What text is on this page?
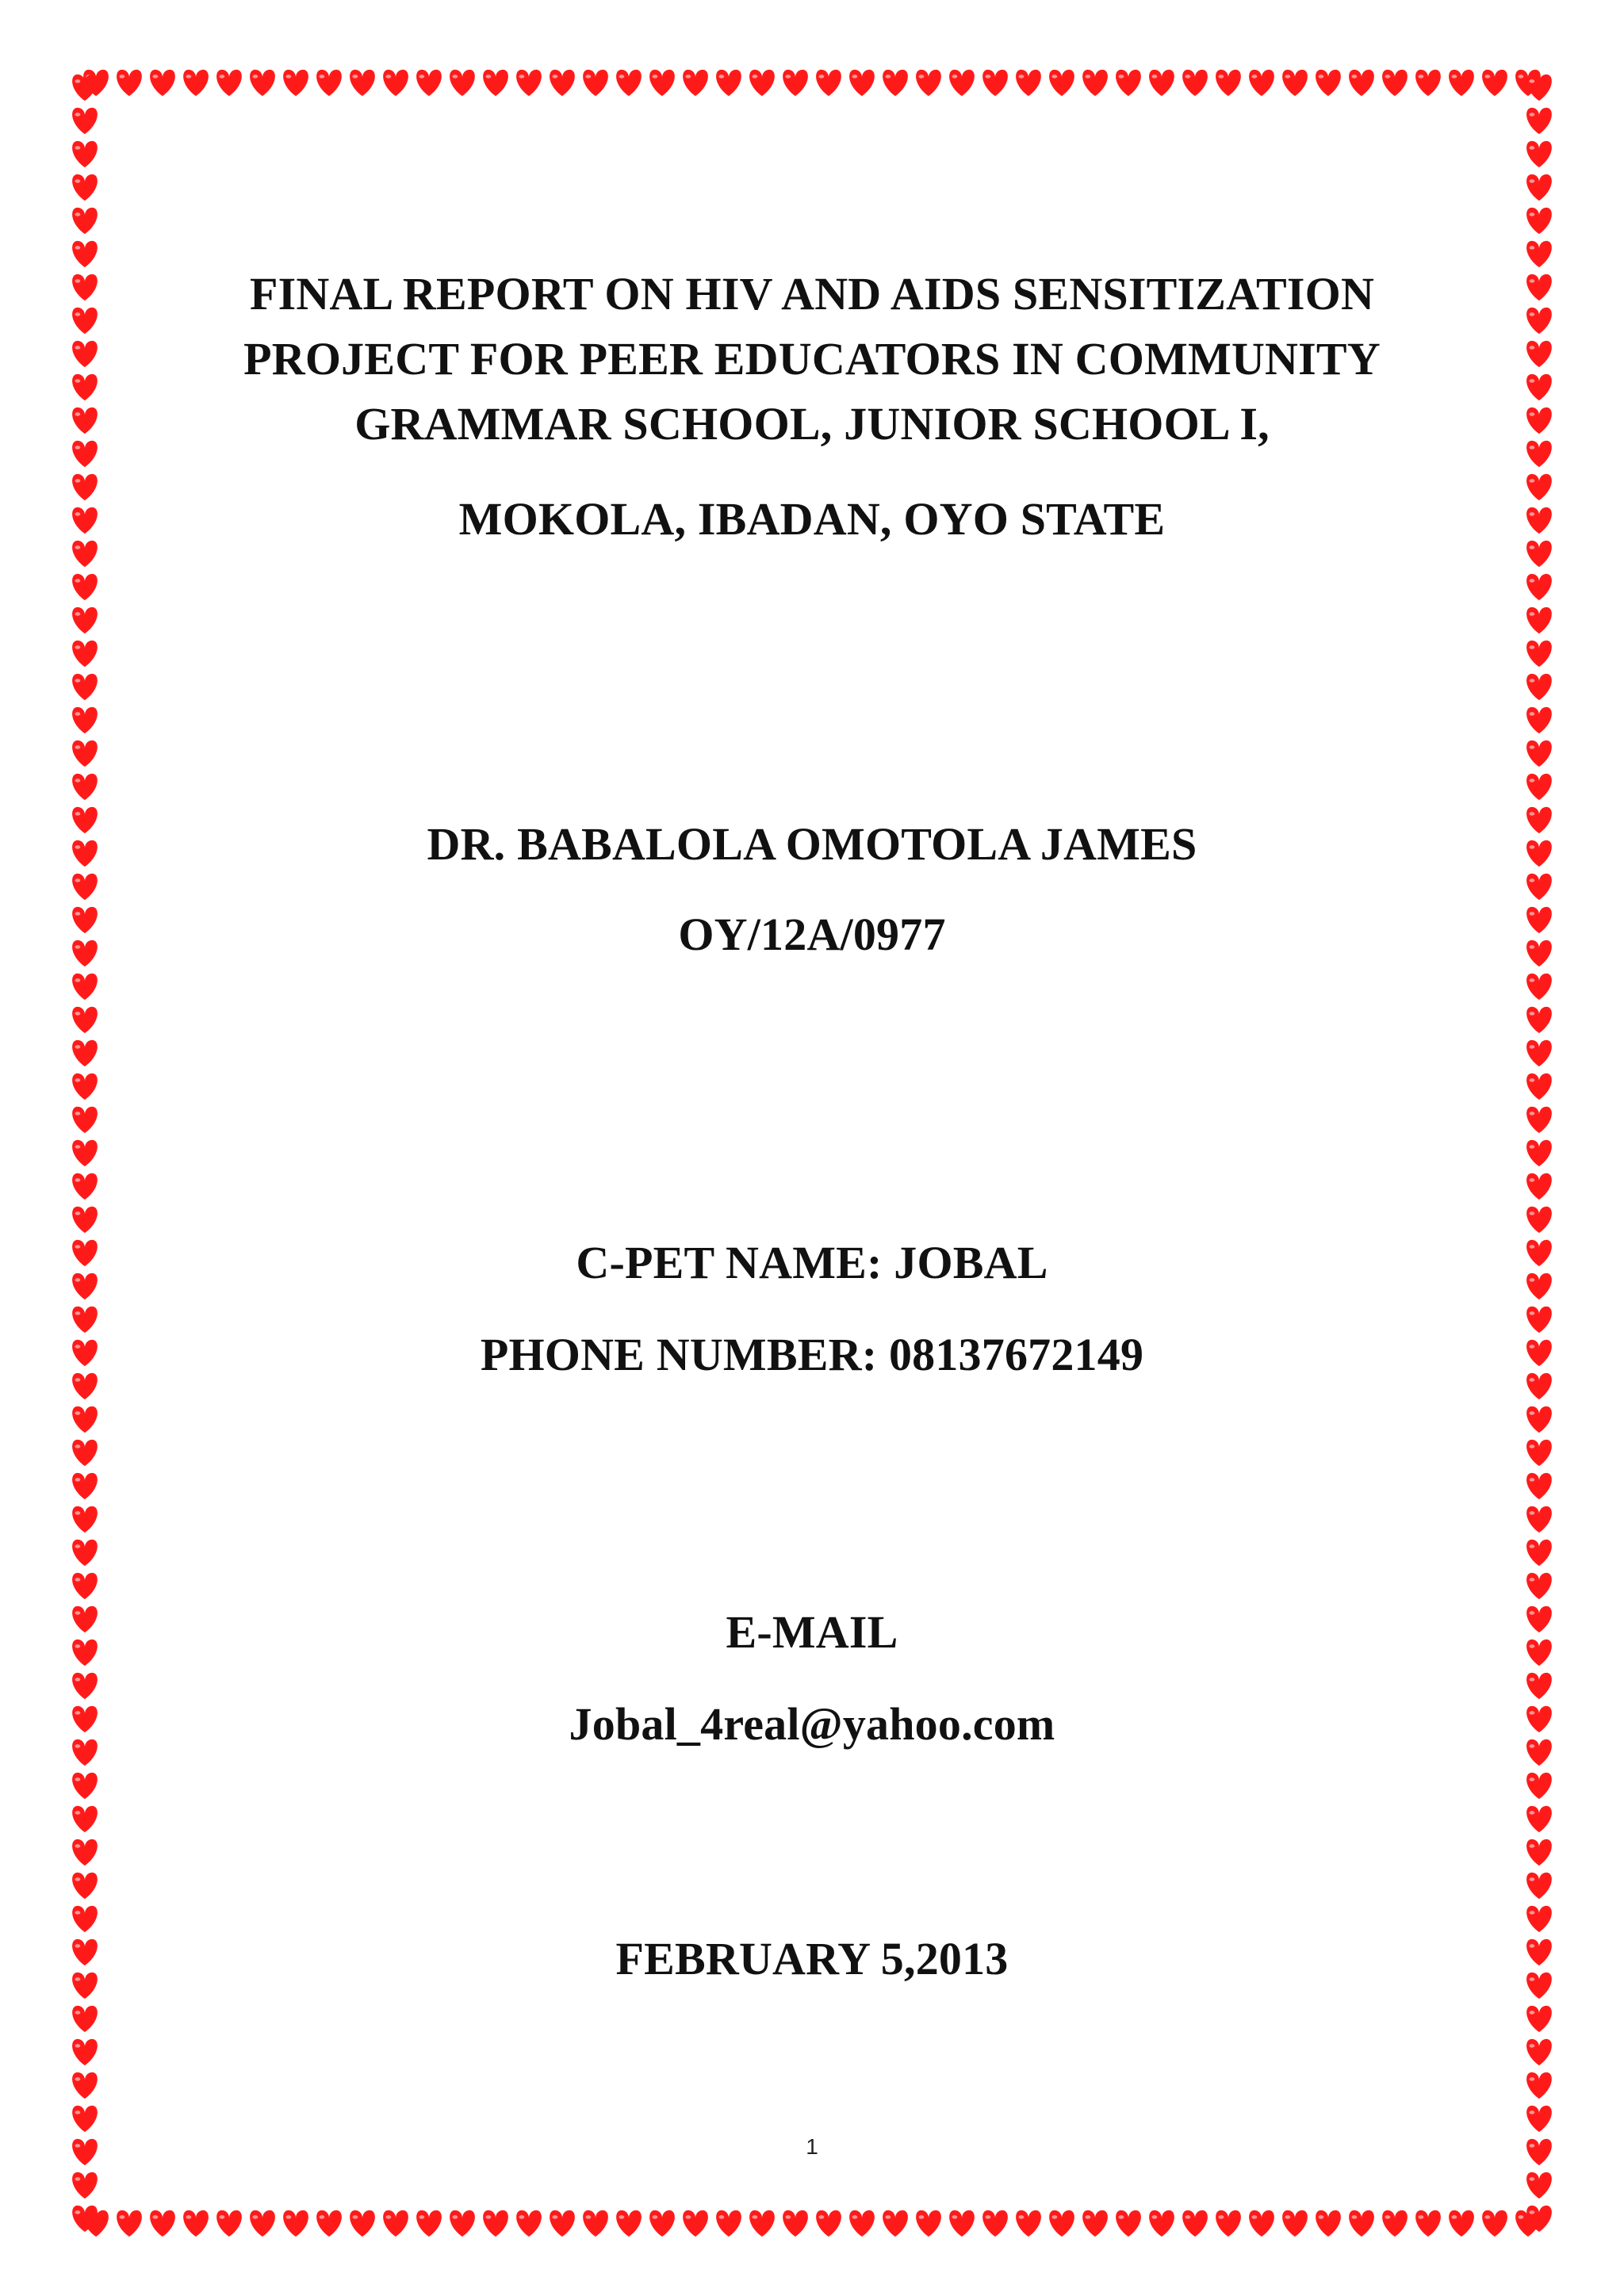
FINAL REPORT ON HIV AND AIDS SENSITIZATION
PROJECT FOR PEER EDUCATORS IN COMMUNITY
GRAMMAR SCHOOL, JUNIOR SCHOOL I,
MOKOLA, IBADAN, OYO STATE
DR. BABALOLA OMOTOLA JAMES
OY/12A/0977
C-PET NAME: JOBAL
PHONE NUMBER: 08137672149
E-MAIL
Jobal_4real@yahoo.com
FEBRUARY 5,2013
1
